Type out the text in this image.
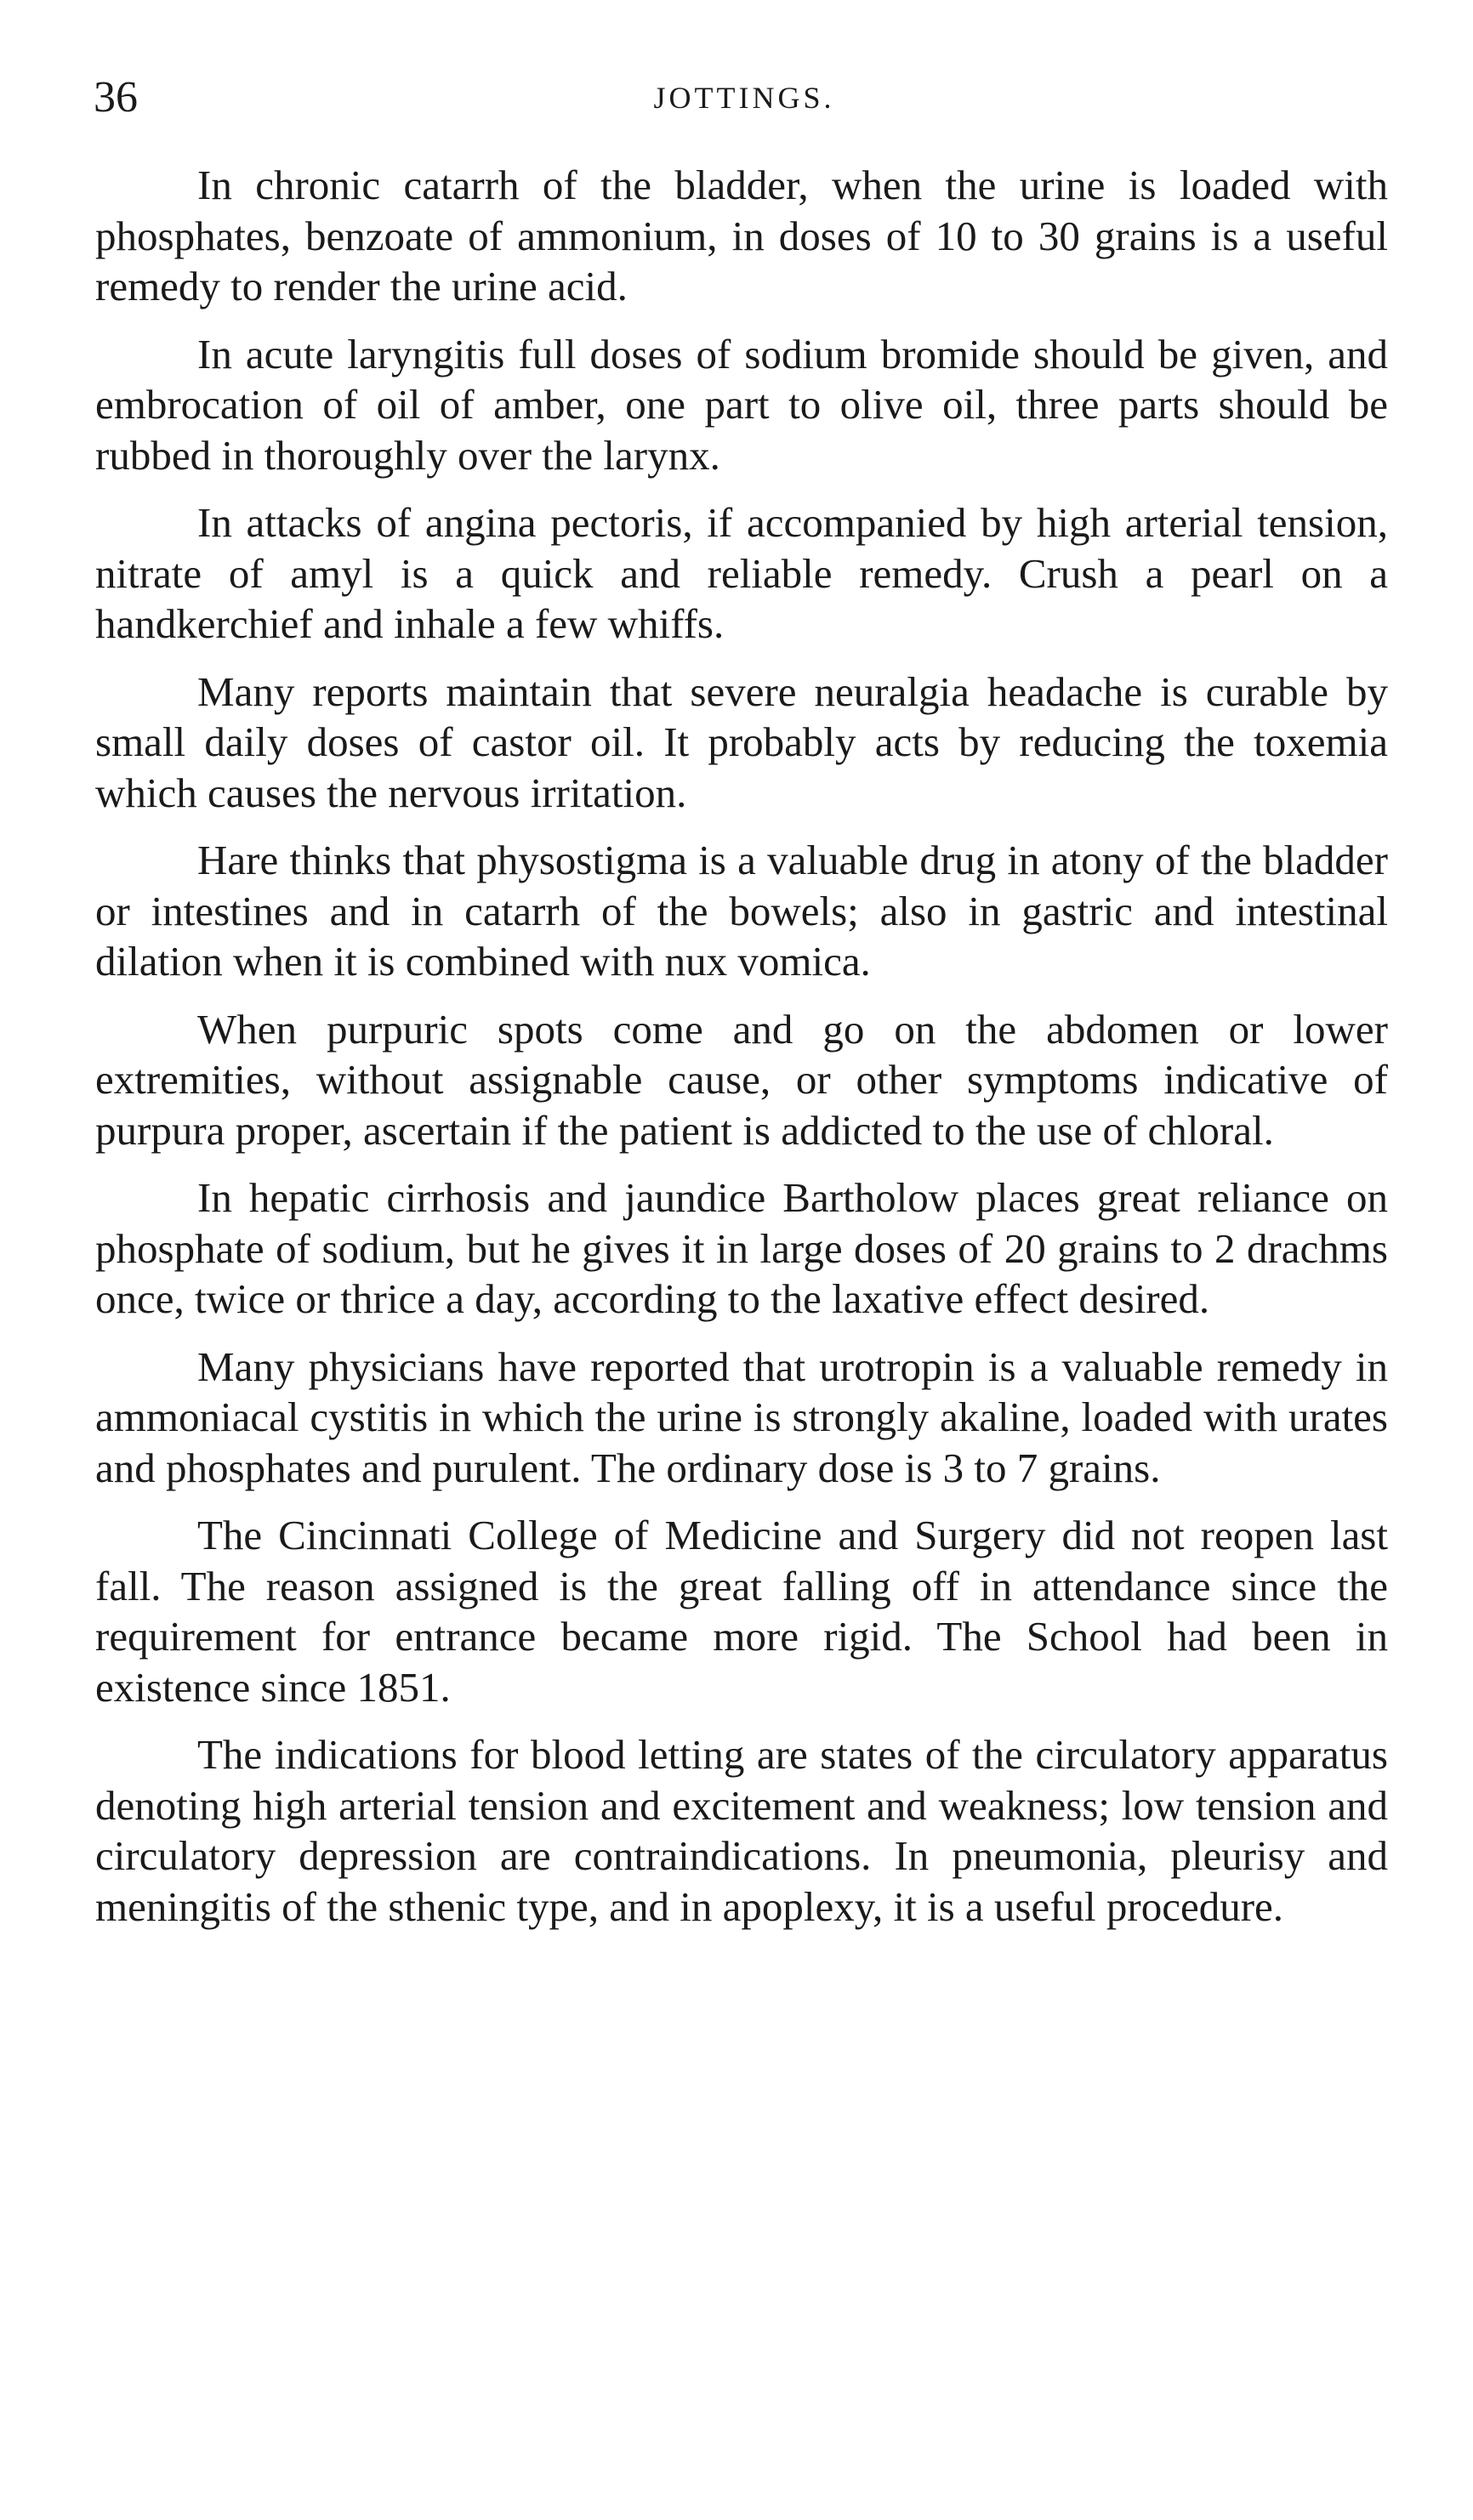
36	JOTTINGS.

In chronic catarrh of the bladder, when the urine is loaded with phosphates, benzoate of ammonium, in doses of 10 to 30 grains is a useful remedy to render the urine acid.

In acute laryngitis full doses of sodium bromide should be given, and embrocation of oil of amber, one part to olive oil, three parts should be rubbed in thoroughly over the larynx.

In attacks of angina pectoris, if accompanied by high arterial tension, nitrate of amyl is a quick and reliable remedy. Crush a pearl on a handkerchief and inhale a few whiffs.

Many reports maintain that severe neuralgia headache is curable by small daily doses of castor oil. It probably acts by reducing the toxemia which causes the nervous irritation.

Hare thinks that physostigma is a valuable drug in atony of the bladder or intestines and in catarrh of the bowels; also in gastric and intestinal dilation when it is combined with nux vomica.

When purpuric spots come and go on the abdomen or lower extremities, without assignable cause, or other symptoms indicative of purpura proper, ascertain if the patient is addicted to the use of chloral.

In hepatic cirrhosis and jaundice Bartholow places great reliance on phosphate of sodium, but he gives it in large doses of 20 grains to 2 drachms once, twice or thrice a day, according to the laxative effect desired.

Many physicians have reported that urotropin is a valuable remedy in ammoniacal cystitis in which the urine is strongly akaline, loaded with urates and phosphates and purulent. The ordinary dose is 3 to 7 grains.

The Cincinnati College of Medicine and Surgery did not reopen last fall. The reason assigned is the great falling off in attendance since the requirement for entrance became more rigid. The School had been in existence since 1851.

The indications for blood letting are states of the circulatory apparatus denoting high arterial tension and excitement and weakness; low tension and circulatory depression are contraindications. In pneumonia, pleurisy and meningitis of the sthenic type, and in apoplexy, it is a useful procedure.
